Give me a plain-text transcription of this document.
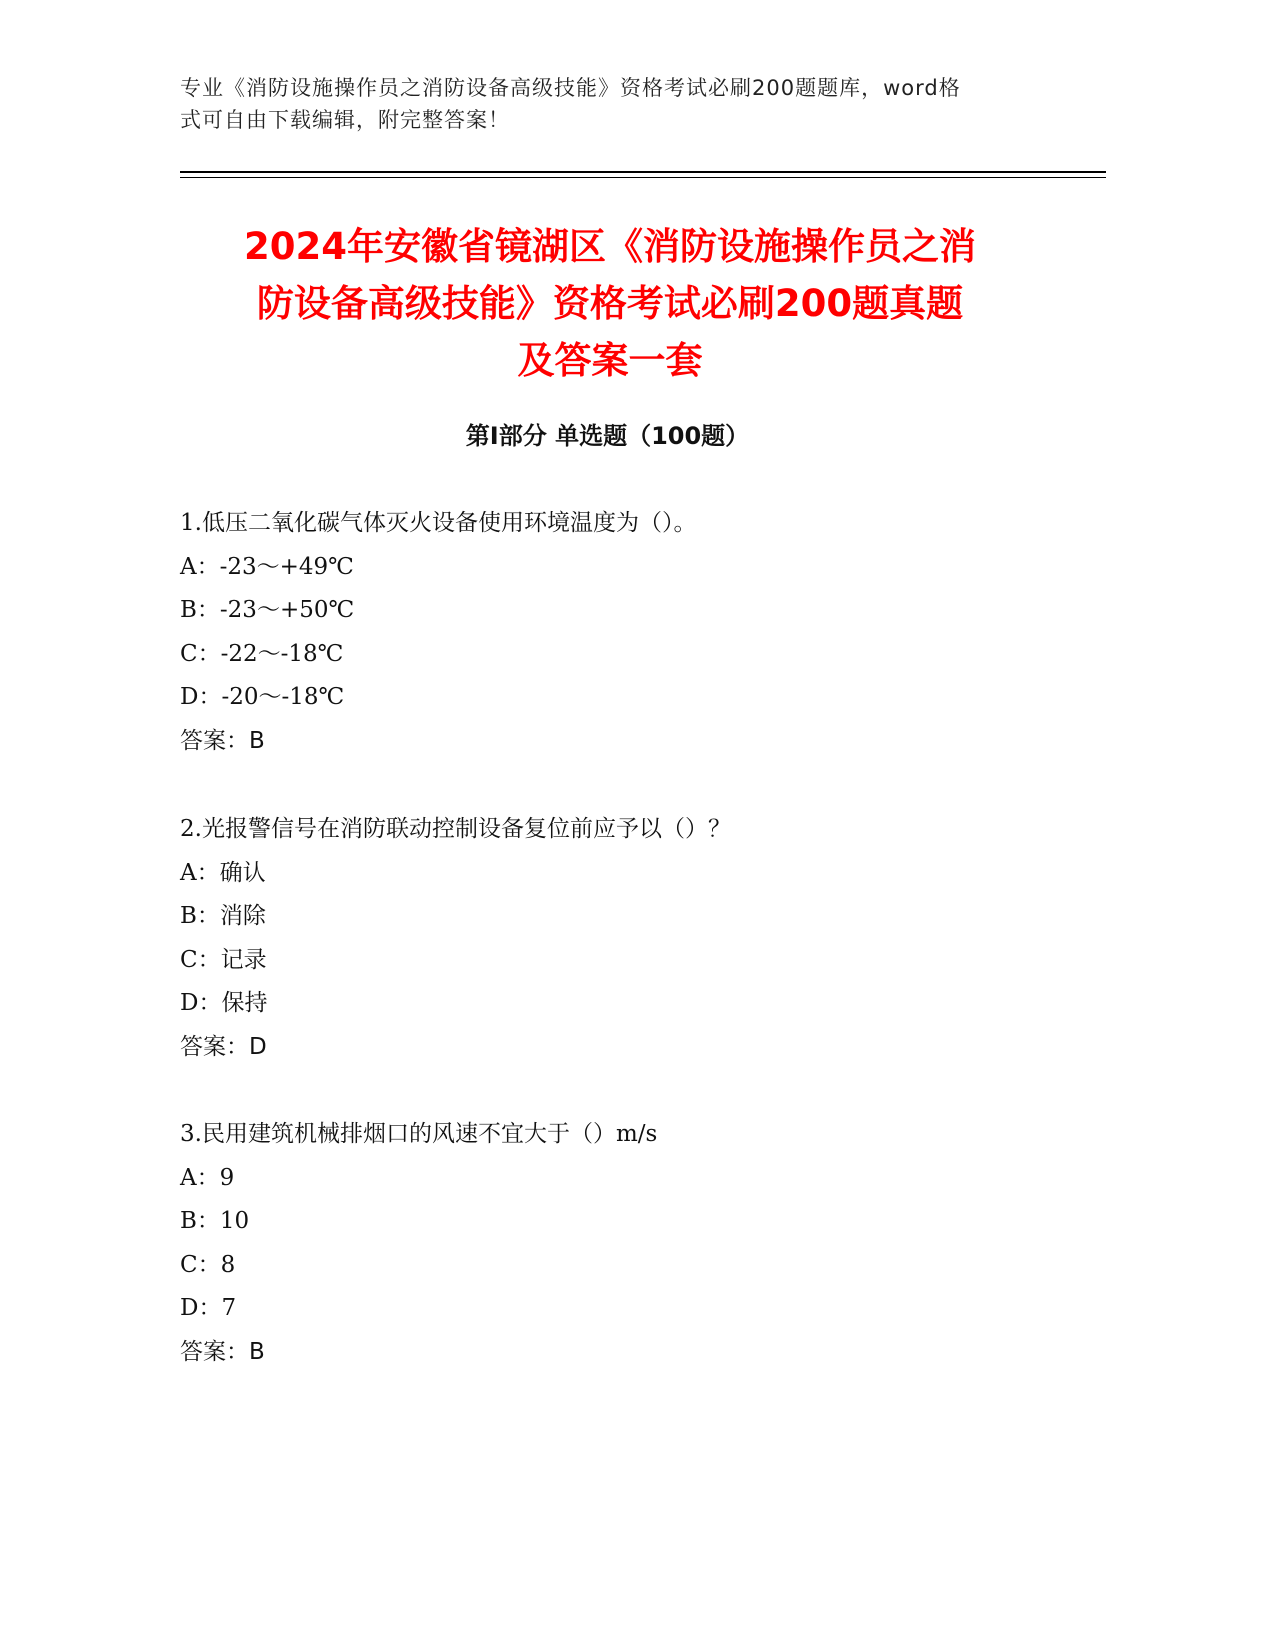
专业《消防设施操作员之消防设备高级技能》资格考试必刷200题题库，word格
式可自由下载编辑，附完整答案！
2024年安徽省镜湖区《消防设施操作员之消
防设备高级技能》资格考试必刷200题真题
及答案一套
第Ⅰ部分 单选题（100题）
1.低压二氧化碳气体灭火设备使用环境温度为（）。
A：-23～+49℃
B：-23～+50℃
C：-22～-18℃
D：-20～-18℃
答案：B
2.光报警信号在消防联动控制设备复位前应予以（）？
A：确认
B：消除
C：记录
D：保持
答案：D
3.民用建筑机械排烟口的风速不宜大于（）m/s
A：9
B：10
C：8
D：7
答案：B
